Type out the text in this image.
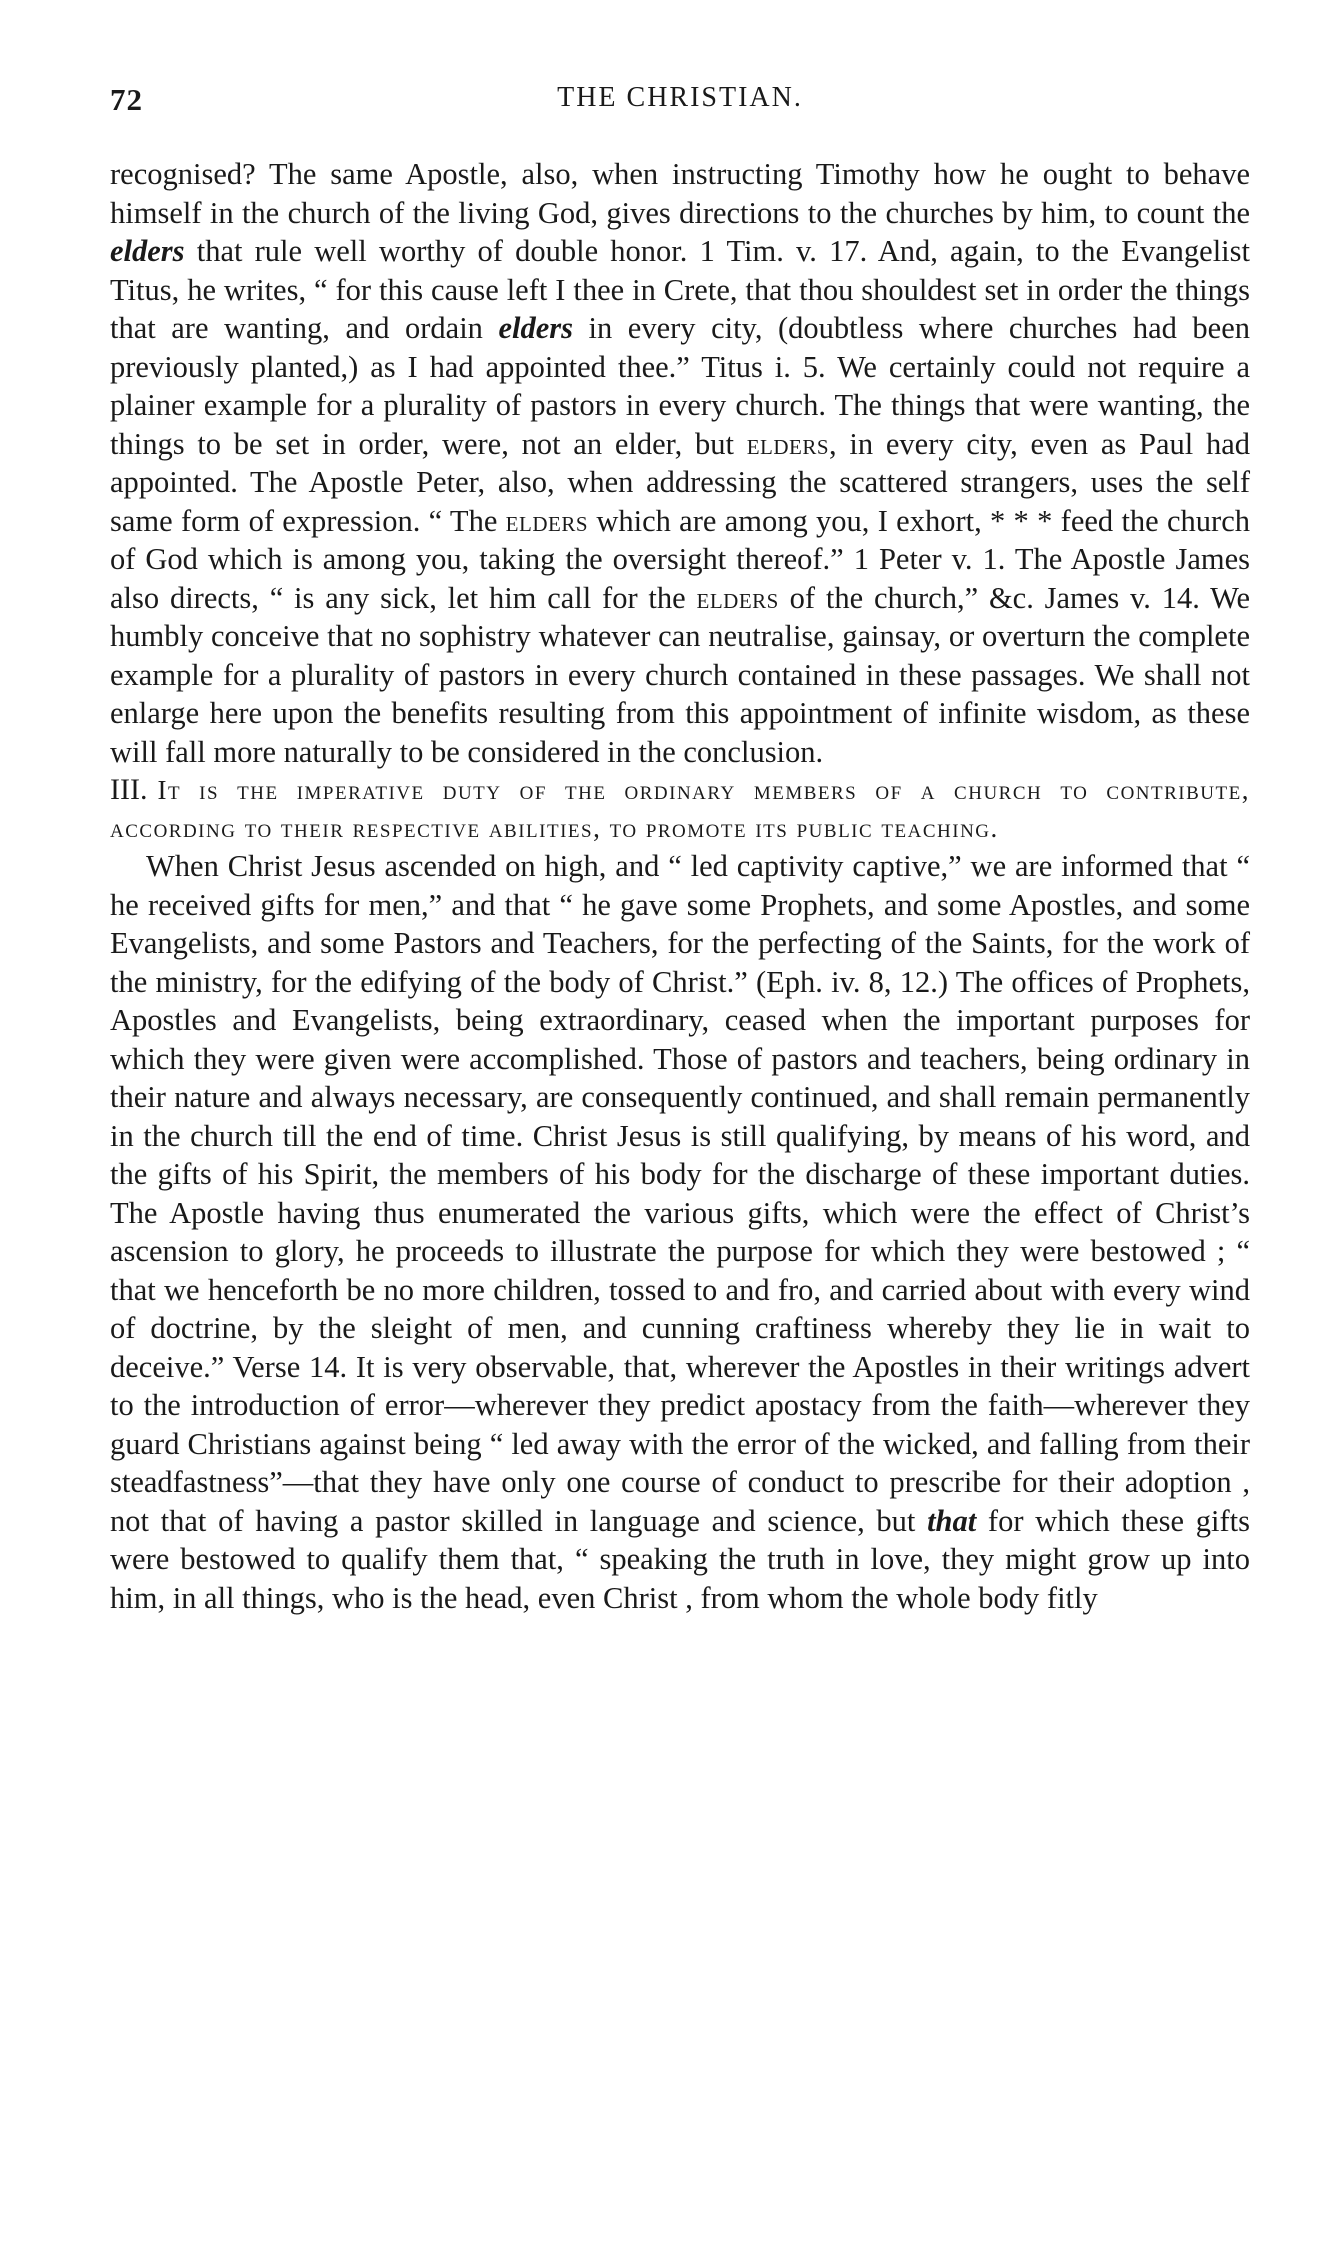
72	THE CHRISTIAN.

recognised? The same Apostle, also, when instructing Timothy how he ought to behave himself in the church of the living God, gives directions to the churches by him, to count the elders that rule well worthy of double honor. 1 Tim. v. 17. And, again, to the Evangelist Titus, he writes, “ for this cause left I thee in Crete, that thou shouldest set in order the things that are wanting, and ordain elders in every city, (doubtless where churches had been previously planted,) as I had appointed thee.” Titus i. 5. We certainly could not require a plainer example for a plurality of pastors in every church. The things that were wanting, the things to be set in order, were, not an elder, but elders, in every city, even as Paul had appointed. The Apostle Peter, also, when addressing the scattered strangers, uses the self same form of expression. “ The elders which are among you, I exhort, * * * feed the church of God which is among you, taking the oversight thereof.” 1 Peter v. 1. The Apostle James also directs, “ is any sick, let him call for the elders of the church,” &c. James v. 14. We humbly conceive that no sophistry whatever can neutralise, gainsay, or overturn the complete example for a plurality of pastors in every church contained in these passages. We shall not enlarge here upon the benefits resulting from this appointment of infinite wisdom, as these will fall more naturally to be considered in the conclusion.

III. It is the imperative duty of the ordinary members of a church to contribute, according to their respective abilities, to promote its public teaching.

When Christ Jesus ascended on high, and “ led captivity captive,” we are informed that “ he received gifts for men,” and that “ he gave some Prophets, and some Apostles, and some Evangelists, and some Pastors and Teachers, for the perfecting of the Saints, for the work of the ministry, for the edifying of the body of Christ.” (Eph. iv. 8, 12.) The offices of Prophets, Apostles and Evangelists, being extraordinary, ceased when the important purposes for which they were given were accomplished. Those of pastors and teachers, being ordinary in their nature and always necessary, are consequently continued, and shall remain permanently in the church till the end of time. Christ Jesus is still qualifying, by means of his word, and the gifts of his Spirit, the members of his body for the discharge of these important duties. The Apostle having thus enumerated the various gifts, which were the effect of Christ’s ascension to glory, he proceeds to illustrate the purpose for which they were bestowed ; “ that we henceforth be no more children, tossed to and fro, and carried about with every wind of doctrine, by the sleight of men, and cunning craftiness whereby they lie in wait to deceive.” Verse 14. It is very observable, that, wherever the Apostles in their writings advert to the introduction of error—wherever they predict apostacy from the faith—wherever they guard Christians against being “ led away with the error of the wicked, and falling from their steadfastness”—that they have only one course of conduct to prescribe for their adoption , not that of having a pastor skilled in language and science, but that for which these gifts were bestowed to qualify them that, “ speaking the truth in love, they might grow up into him, in all things, who is the head, even Christ , from whom the whole body fitly
